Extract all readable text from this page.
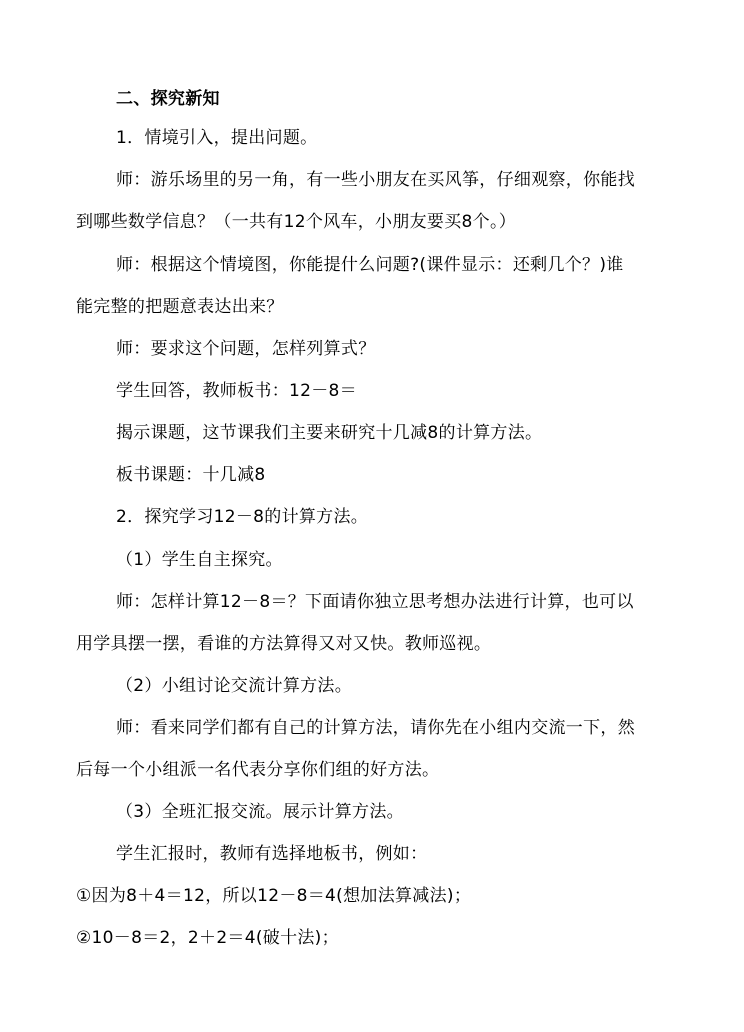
二、探究新知
1．情境引入，提出问题。
师：游乐场里的另一角，有一些小朋友在买风筝，仔细观察，你能找
到哪些数学信息？（一共有12个风车，小朋友要买8个。）
师：根据这个情境图，你能提什么问题?(课件显示：还剩几个？)谁
能完整的把题意表达出来？
师：要求这个问题，怎样列算式？
学生回答，教师板书：12－8＝
揭示课题，这节课我们主要来研究十几减8的计算方法。
板书课题：十几减8
2．探究学习12－8的计算方法。
（1）学生自主探究。
师：怎样计算12－8＝？下面请你独立思考想办法进行计算，也可以
用学具摆一摆，看谁的方法算得又对又快。教师巡视。
（2）小组讨论交流计算方法。
师：看来同学们都有自己的计算方法，请你先在小组内交流一下，然
后每一个小组派一名代表分享你们组的好方法。
（3）全班汇报交流。展示计算方法。
学生汇报时，教师有选择地板书，例如：
①因为8＋4＝12，所以12－8＝4(想加法算减法)；
②10－8＝2，2＋2＝4(破十法)；
